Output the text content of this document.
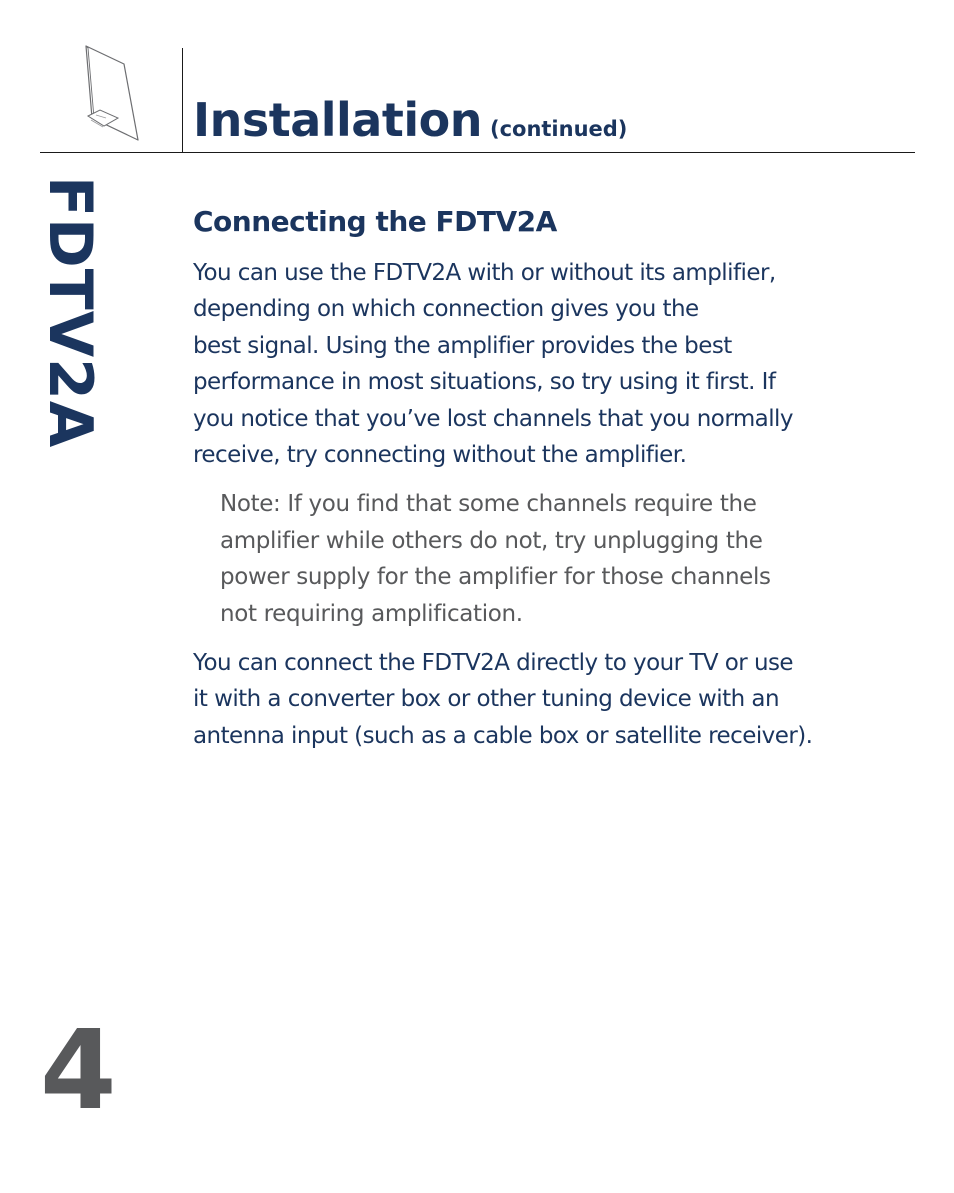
Installation (continued)
FDTV2A	Connecting the FDTV2A

You can use the FDTV2A with or without its amplifier,
depending on which connection gives you the
best signal. Using the amplifier provides the best
performance in most situations, so try using it first. If
you notice that you’ve lost channels that you normally
receive, try connecting without the amplifier.

Note: If you find that some channels require the
amplifier while others do not, try unplugging the
power supply for the amplifier for those channels
not requiring amplification.

You can connect the FDTV2A directly to your TV or use
it with a converter box or other tuning device with an
antenna input (such as a cable box or satellite receiver).

4
